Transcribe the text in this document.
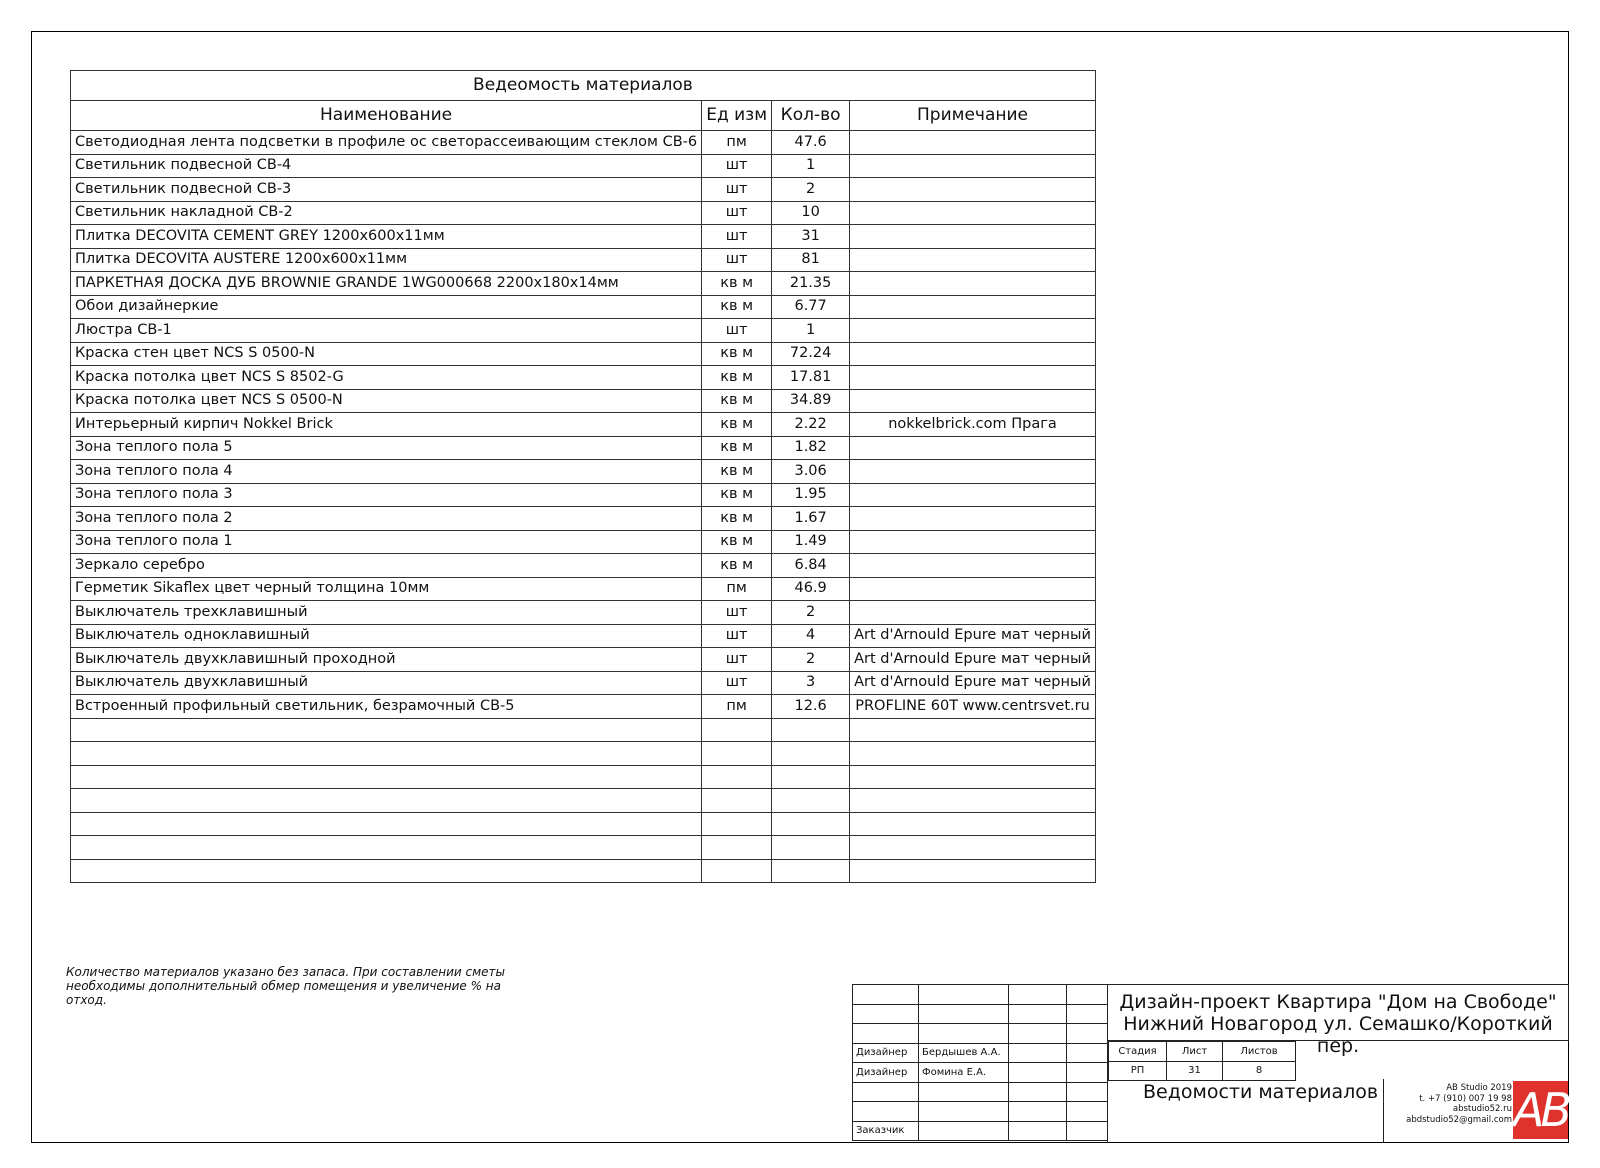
Ведеомость материалов			
Наименование	Ед изм	Кол-во	Примечание
Светодиодная лента подсветки в профиле ос светорассеивающим стеклом СВ-6	пм	47.6	
Светильник подвесной СВ-4	шт	1	
Светильник подвесной СВ-3	шт	2	
Светильник накладной СВ-2	шт	10	
Плитка DECOVITA CEMENT GREY 1200х600х11мм	шт	31	
Плитка DECOVITA AUSTERE 1200х600х11мм	шт	81	
ПАРКЕТНАЯ ДОСКА ДУБ BROWNIE GRANDE 1WG000668 2200х180х14мм	кв м	21.35	
Обои дизайнеркие	кв м	6.77	
Люстра СВ-1	шт	1	
Краска стен цвет NCS S 0500-N	кв м	72.24	
Краска потолка цвет NCS S 8502-G	кв м	17.81	
Краска потолка цвет NCS S 0500-N	кв м	34.89	
Интерьерный кирпич Nokkel Brick	кв м	2.22	nokkelbrick.com Прага
Зона теплого пола 5	кв м	1.82	
Зона теплого пола 4	кв м	3.06	
Зона теплого пола 3	кв м	1.95	
Зона теплого пола 2	кв м	1.67	
Зона теплого пола 1	кв м	1.49	
Зеркало серебро	кв м	6.84	
Герметик Sikaflex цвет черный толщина 10мм	пм	46.9	
Выключатель трехклавишный	шт	2	
Выключатель одноклавишный	шт	4	Art d'Arnould Epure мат черный
Выключатель двухклавишный проходной	шт	2	Art d'Arnould Epure мат черный
Выключатель двухклавишный	шт	3	Art d'Arnould Epure мат черный
Встроенный профильный светильник, безрамочный СВ-5	пм	12.6	PROFLINE 60T www.centrsvet.ru

Количество материалов указано без запаса. При составлении сметы необходимы дополнительный обмер помещения и увеличение % на отход.

Дизайнер	Бердышев А.А.		
Дизайнер	Фомина Е.А.		

Заказчик			
Дизайн-проект Квартира "Дом на Свободе" Нижний Новагород ул. Семашко/Короткий пер.
Ведомости материалов
Стадия	Лист	Листов
РП	31	8
AB Studio 2019
t. +7 (910) 007 19 98
abstudio52.ru
abdstudio52@gmail.com AB
